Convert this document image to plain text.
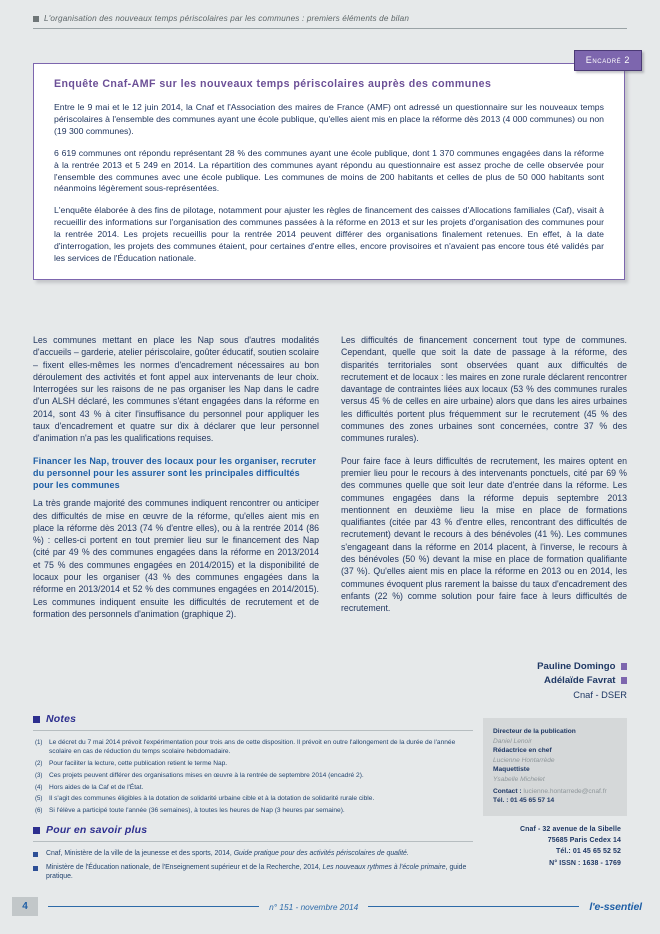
L'organisation des nouveaux temps périscolaires par les communes : premiers éléments de bilan
Encadré 2
Enquête Cnaf-AMF sur les nouveaux temps périscolaires auprès des communes

Entre le 9 mai et le 12 juin 2014, la Cnaf et l'Association des maires de France (AMF) ont adressé un questionnaire sur les nouveaux temps périscolaires à l'ensemble des communes ayant une école publique, qu'elles aient mis en place la réforme dès 2013 (4 000 communes) ou non (19 300 communes).

6 619 communes ont répondu représentant 28 % des communes ayant une école publique, dont 1 370 communes engagées dans la réforme à la rentrée 2013 et 5 249 en 2014. La répartition des communes ayant répondu au questionnaire est assez proche de celle observée pour l'ensemble des communes avec une école publique. Les communes de moins de 200 habitants et celles de plus de 50 000 habitants sont néanmoins légèrement sous-représentées.

L'enquête élaborée à des fins de pilotage, notamment pour ajuster les règles de financement des caisses d'Allocations familiales (Caf), visait à recueillir des informations sur l'organisation des communes passées à la réforme en 2013 et sur les projets d'organisation des communes pour la rentrée 2014. Les projets recueillis pour la rentrée 2014 peuvent différer des organisations finalement retenues. En effet, à la date d'interrogation, les projets des communes étaient, pour certaines d'entre elles, encore provisoires et n'avaient pas encore tous été validés par les services de l'Éducation nationale.

Les communes mettant en place les Nap sous d'autres modalités d'accueils – garderie, atelier périscolaire, goûter éducatif, soutien scolaire – fixent elles-mêmes les normes d'encadrement nécessaires au bon déroulement des activités et font appel aux intervenants de leur choix. Interrogées sur les raisons de ne pas organiser les Nap dans le cadre d'un ALSH déclaré, les communes s'étant engagées dans la réforme en 2014, sont 43 % à citer l'insuffisance du personnel pour appliquer les taux d'encadrement et quatre sur dix à déclarer que leur personnel d'animation n'a pas les qualifications requises.

Financer les Nap, trouver des locaux pour les organiser, recruter du personnel pour les assurer sont les principales difficultés pour les communes

La très grande majorité des communes indiquent rencontrer ou anticiper des difficultés de mise en œuvre de la réforme, qu'elles aient mis en place la réforme dès 2013 (74 % d'entre elles), ou à la rentrée 2014 (86 %) : celles-ci portent en tout premier lieu sur le financement des Nap (cité par 49 % des communes engagées dans la réforme en 2013/2014 et 75 % des communes engagées en 2014/2015) et la disponibilité de locaux pour les organiser (43 % des communes engagées dans la réforme en 2013/2014 et 52 % des communes engagées en 2014/2015). Les communes indiquent ensuite les difficultés de recrutement et de formation des personnels d'animation (graphique 2).

Les difficultés de financement concernent tout type de communes. Cependant, quelle que soit la date de passage à la réforme, des disparités territoriales sont observées quant aux difficultés de recrutement et de locaux : les maires en zone rurale déclarent rencontrer davantage de contraintes liées aux locaux (53 % des communes rurales versus 45 % de celles en aire urbaine) alors que dans les aires urbaines les difficultés portent plus fréquemment sur le recrutement (45 % des communes des zones urbaines sont concernées, contre 37 % des communes rurales).

Pour faire face à leurs difficultés de recrutement, les maires optent en premier lieu pour le recours à des intervenants ponctuels, cité par 69 % des communes quelle que soit leur date d'entrée dans la réforme. Les communes engagées dans la réforme depuis septembre 2013 mentionnent en deuxième lieu la mise en place de formations qualifiantes (citée par 43 % d'entre elles, rencontrant des difficultés de recrutement) devant le recours à des bénévoles (41 %). Les communes s'engageant dans la réforme en 2014 placent, à l'inverse, le recours à des bénévoles (50 %) devant la mise en place de formation qualifiante (37 %). Qu'elles aient mis en place la réforme en 2013 ou en 2014, les communes évoquent plus rarement la baisse du taux d'encadrement des enfants (22 %) comme solution pour faire face à leurs difficultés de recrutement.

Pauline Domingo
Adélaïde Favrat
Cnaf - DSER
Notes
(1) Le décret du 7 mai 2014 prévoit l'expérimentation pour trois ans de cette disposition. Il prévoit en outre l'allongement de la durée de l'année scolaire en cas de réduction du temps scolaire hebdomadaire.
(2) Pour faciliter la lecture, cette publication retient le terme Nap.
(3) Ces projets peuvent différer des organisations mises en œuvre à la rentrée de septembre 2014 (encadré 2).
(4) Hors aides de la Caf et de l'État.
(5) Il s'agit des communes éligibles à la dotation de solidarité urbaine cible et à la dotation de solidarité rurale cible.
(6) Si l'élève a participé toute l'année (36 semaines), à toutes les heures de Nap (3 heures par semaine).
Pour en savoir plus
Cnaf, Ministère de la ville de la jeunesse et des sports, 2014, Guide pratique pour des activités périscolaires de qualité.
Ministère de l'Éducation nationale, de l'Enseignement supérieur et de la Recherche, 2014, Les nouveaux rythmes à l'école primaire, guide pratique.
Directeur de la publication
Daniel Lenoir
Rédactrice en chef
Lucienne Hontarrède
Maquettiste
Ysabelle Michelet
Contact : lucienne.hontarrede@cnaf.fr
Tél. : 01 45 65 57 14
Cnaf - 32 avenue de la Sibelle
75685 Paris Cedex 14
Tél.: 01 45 65 52 52
N° ISSN : 1638 - 1769
4	n° 151 - novembre 2014	l'e-ssentiel
